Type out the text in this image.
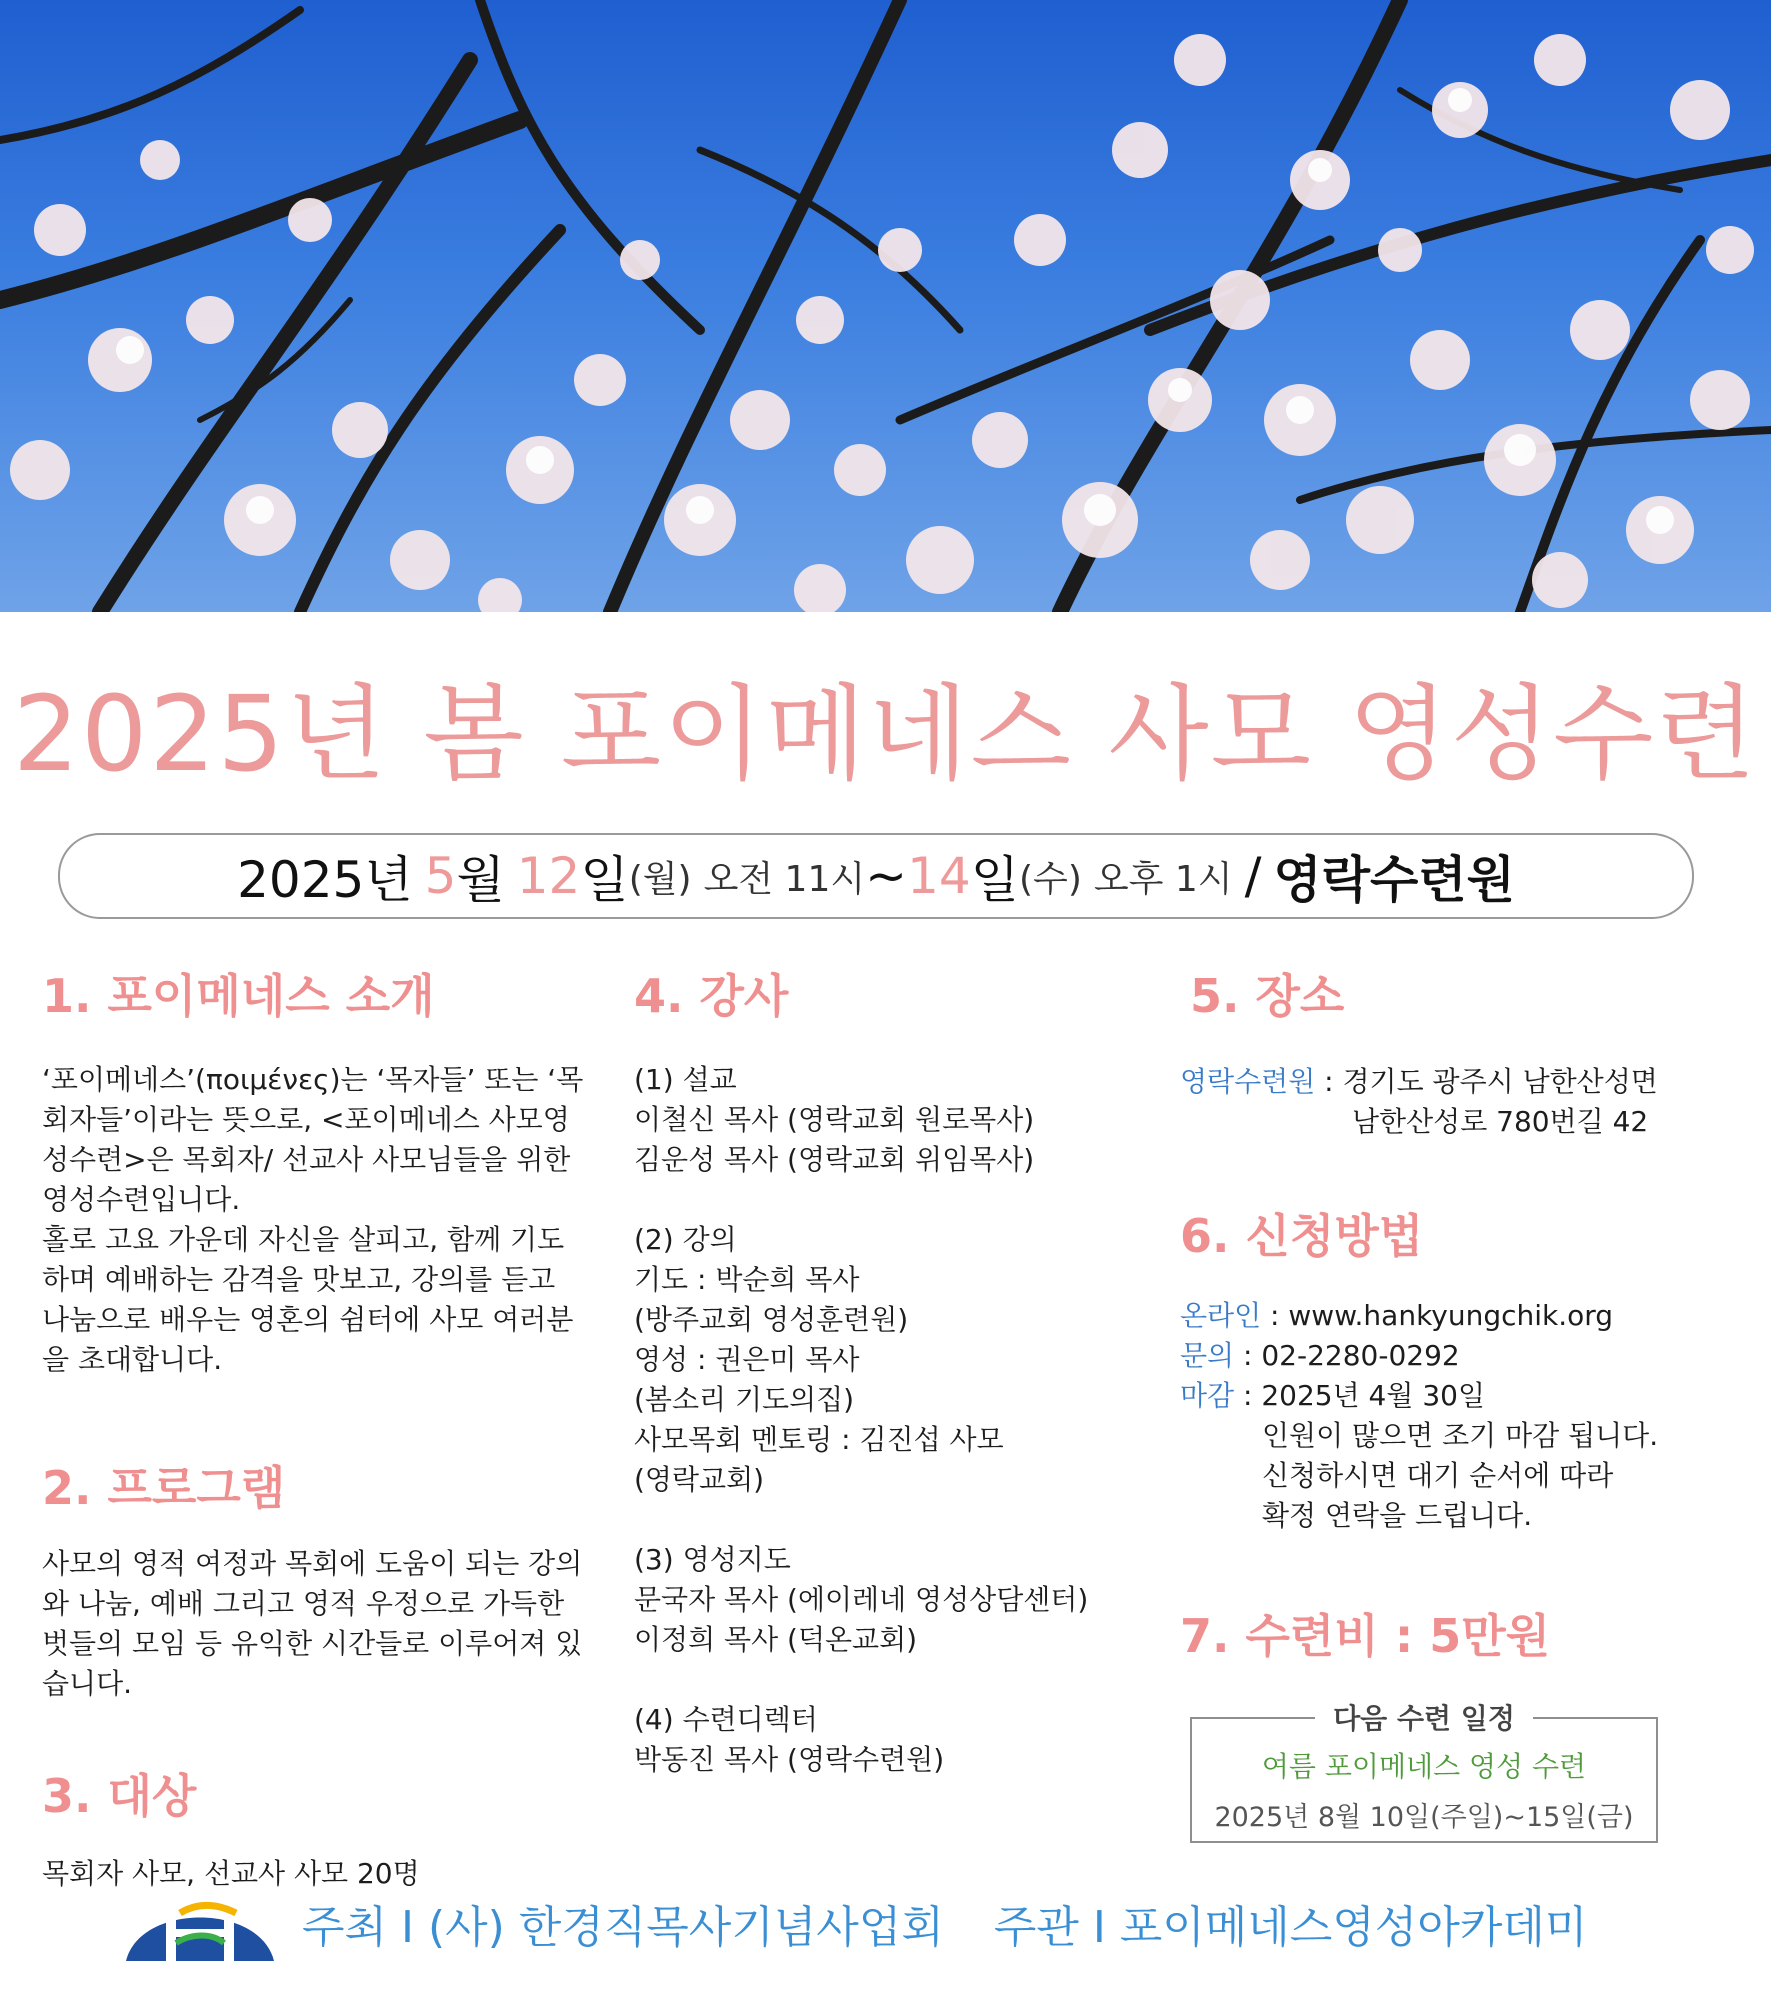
2025년 봄 포이메네스 사모 영성수련
2025년 5 월 12 일 (월) 오전 11시 ~ 14 일 (수) 오후 1시 / 영락수련원
1. 포이메네스 소개

‘포이메네스’(ποιμένες)는 ‘목자들’ 또는 ‘목
회자들’이라는 뜻으로, <포이메네스 사모영
성수련>은 목회자/ 선교사 사모님들을 위한
영성수련입니다.
홀로 고요 가운데 자신을 살피고, 함께 기도
하며 예배하는 감격을 맛보고, 강의를 듣고
나눔으로 배우는 영혼의 쉼터에 사모 여러분
을 초대합니다.

2. 프로그램

사모의 영적 여정과 목회에 도움이 되는 강의
와 나눔, 예배 그리고 영적 우정으로 가득한
벗들의 모임 등 유익한 시간들로 이루어져 있
습니다.

3. 대상

목회자 사모, 선교사 사모 20명

4. 강사

(1) 설교

이철신 목사 (영락교회 원로목사)
김운성 목사 (영락교회 위임목사)

(2) 강의

기도 : 박순희 목사
(방주교회 영성훈련원)
영성 : 권은미 목사
(봄소리 기도의집)
사모목회 멘토링 : 김진섭 사모
(영락교회)

(3) 영성지도

문국자 목사 (에이레네 영성상담센터)
이정희 목사 (덕온교회)

(4) 수련디렉터

박동진 목사 (영락수련원)

5. 장소

영락수련원 : 경기도 광주시 남한산성면

남한산성로 780번길 42

6. 신청방법

온라인 : www.hankyungchik.org

문의 : 02-2280-0292

마감 : 2025년 4월 30일

인원이 많으면 조기 마감 됩니다.
신청하시면 대기 순서에 따라
확정 연락을 드립니다.

7. 수련비 : 5만원
다음 수련 일정
여름 포이메네스 영성 수련
2025년 8월 10일(주일)~15일(금)
주최 I (사) 한경직목사기념사업회 주관 I 포이메네스영성아카데미
